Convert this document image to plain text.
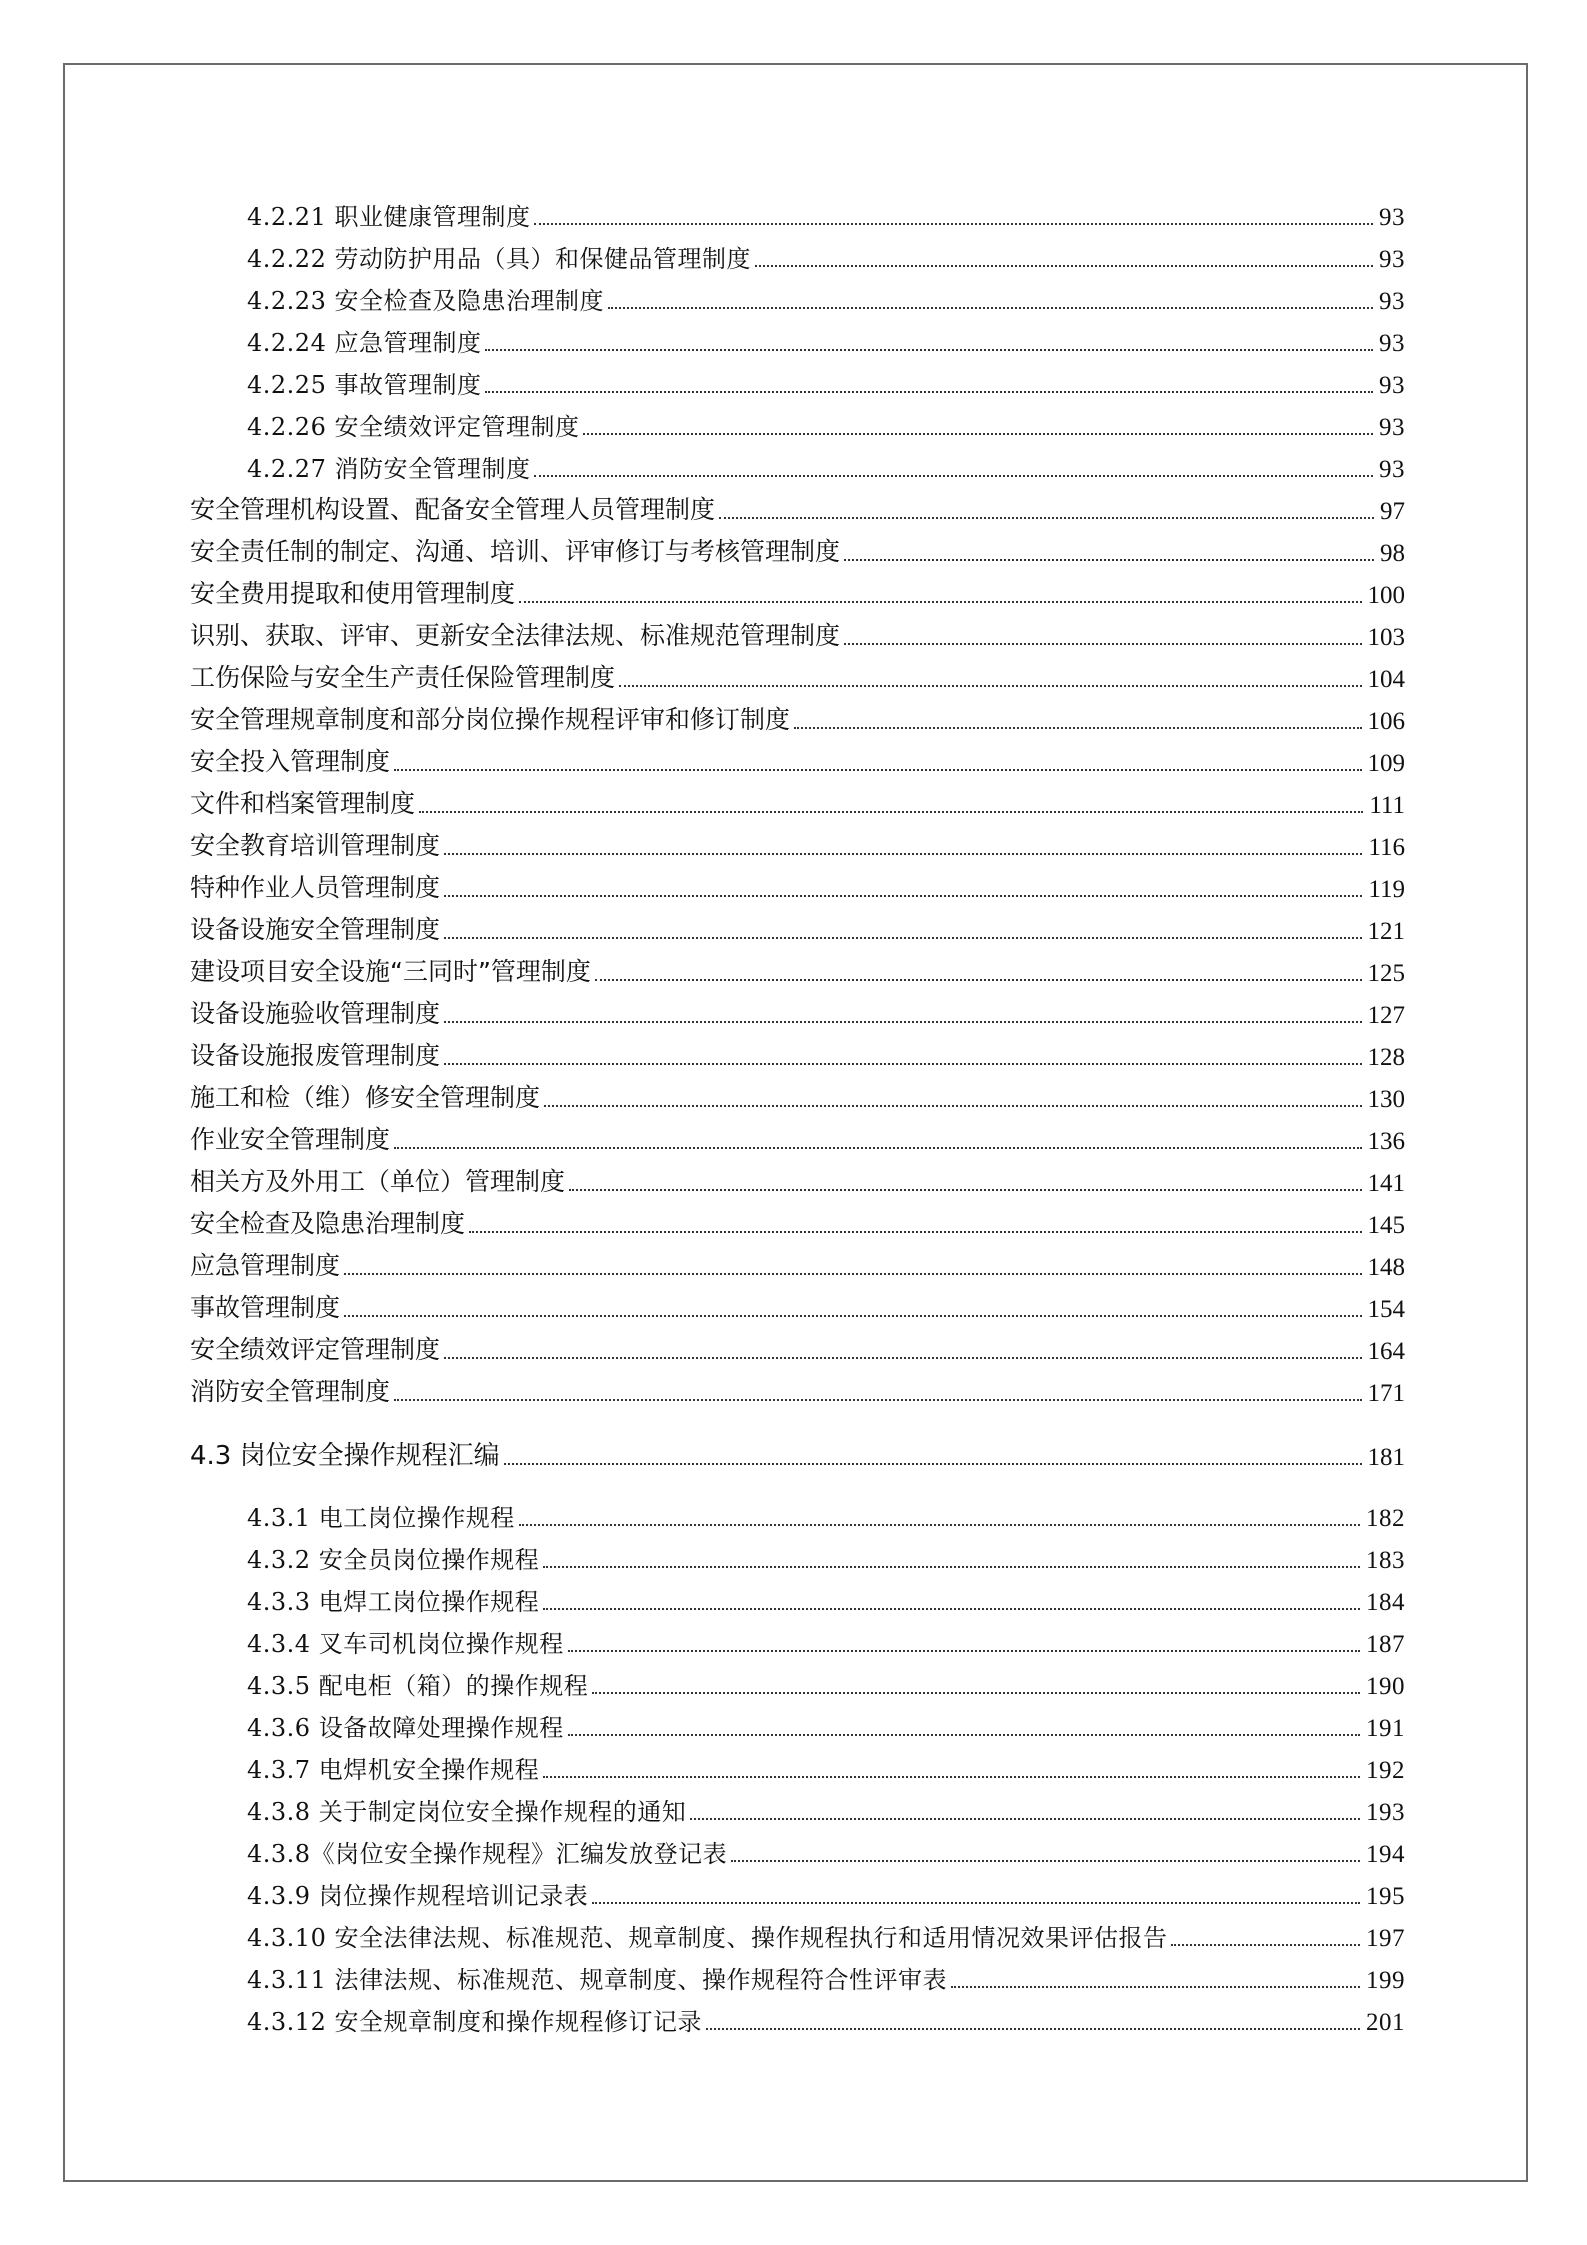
4.2.21 职业健康管理制度	93
4.2.22 劳动防护用品（具）和保健品管理制度	93
4.2.23 安全检查及隐患治理制度	93
4.2.24 应急管理制度	93
4.2.25 事故管理制度	93
4.2.26 安全绩效评定管理制度	93
4.2.27 消防安全管理制度	93
安全管理机构设置、配备安全管理人员管理制度	97
安全责任制的制定、沟通、培训、评审修订与考核管理制度	98
安全费用提取和使用管理制度	100
识别、获取、评审、更新安全法律法规、标准规范管理制度	103
工伤保险与安全生产责任保险管理制度	104
安全管理规章制度和部分岗位操作规程评审和修订制度	106
安全投入管理制度	109
文件和档案管理制度	111
安全教育培训管理制度	116
特种作业人员管理制度	119
设备设施安全管理制度	121
建设项目安全设施“三同时”管理制度	125
设备设施验收管理制度	127
设备设施报废管理制度	128
施工和检（维）修安全管理制度	130
作业安全管理制度	136
相关方及外用工（单位）管理制度	141
安全检查及隐患治理制度	145
应急管理制度	148
事故管理制度	154
安全绩效评定管理制度	164
消防安全管理制度	171
4.3 岗位安全操作规程汇编	181
4.3.1 电工岗位操作规程	182
4.3.2 安全员岗位操作规程	183
4.3.3 电焊工岗位操作规程	184
4.3.4 叉车司机岗位操作规程	187
4.3.5 配电柜（箱）的操作规程	190
4.3.6 设备故障处理操作规程	191
4.3.7 电焊机安全操作规程	192
4.3.8 关于制定岗位安全操作规程的通知	193
4.3.8《岗位安全操作规程》汇编发放登记表	194
4.3.9 岗位操作规程培训记录表	195
4.3.10 安全法律法规、标准规范、规章制度、操作规程执行和适用情况效果评估报告	197
4.3.11 法律法规、标准规范、规章制度、操作规程符合性评审表	199
4.3.12 安全规章制度和操作规程修订记录	201
